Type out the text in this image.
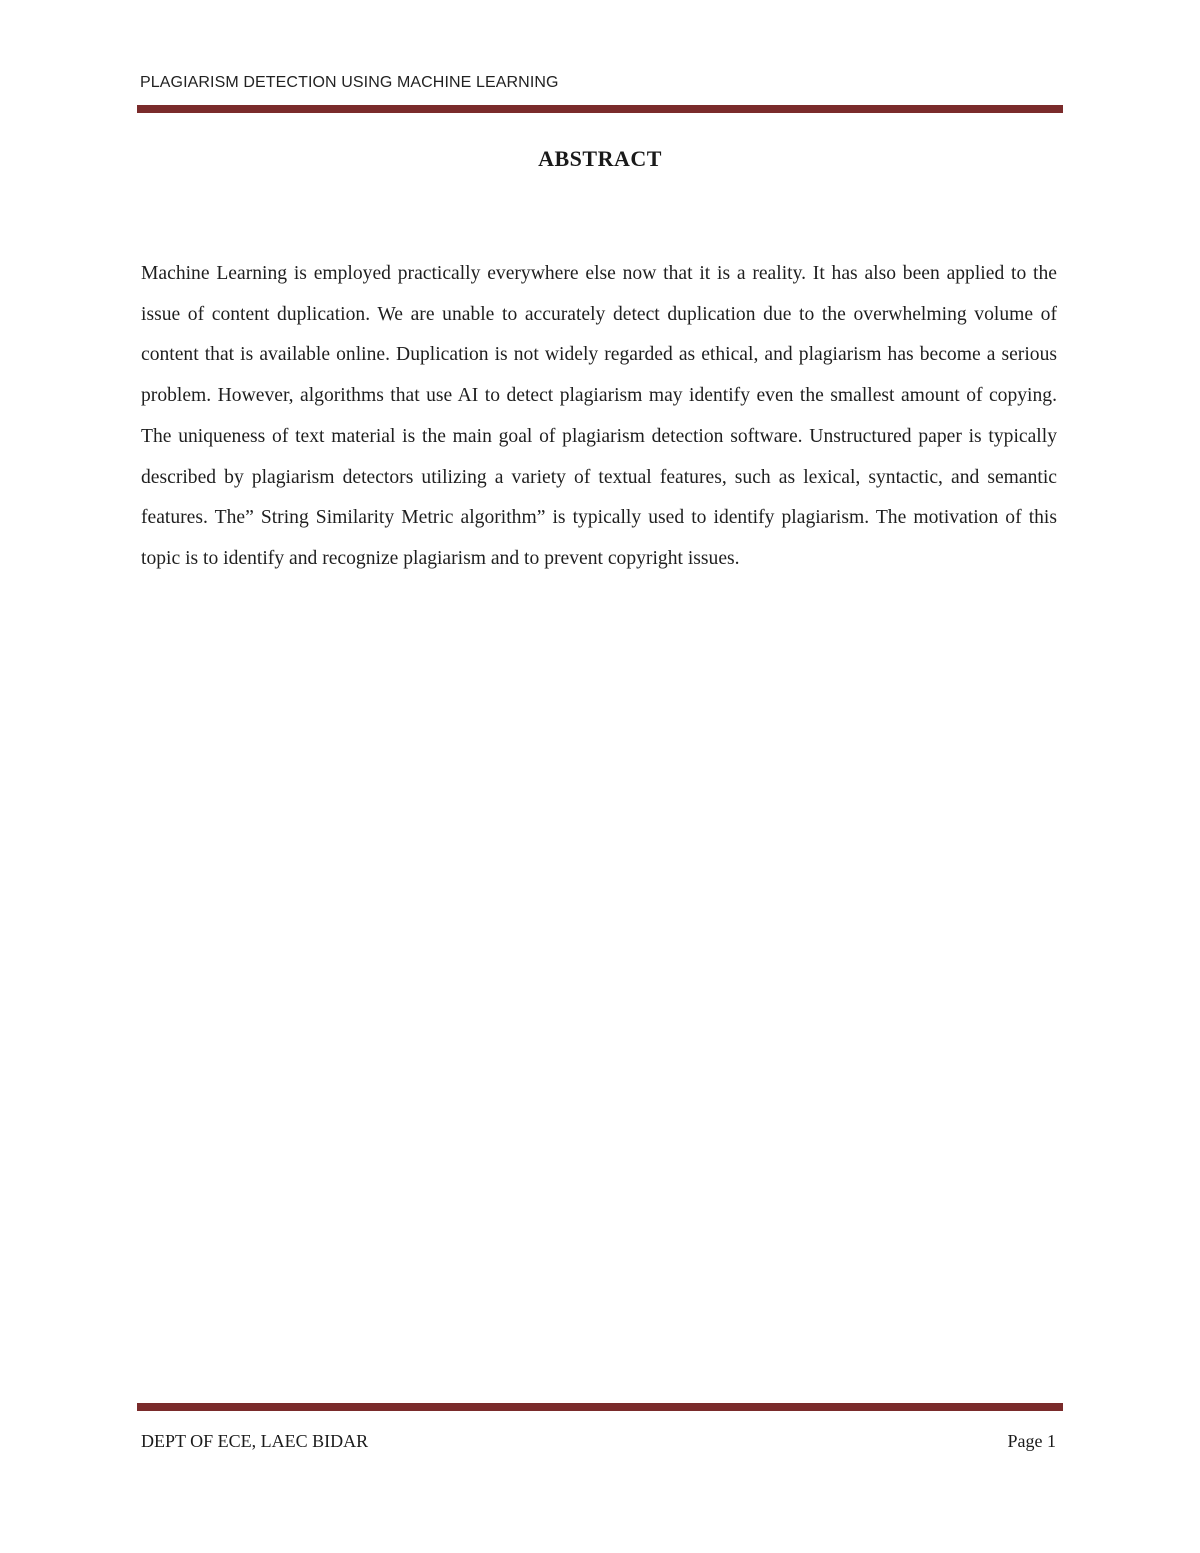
PLAGIARISM DETECTION USING MACHINE LEARNING
ABSTRACT

Machine Learning is employed practically everywhere else now that it is a reality. It has also been applied to the issue of content duplication. We are unable to accurately detect duplication due to the overwhelming volume of content that is available online. Duplication is not widely regarded as ethical, and plagiarism has become a serious problem. However, algorithms that use AI to detect plagiarism may identify even the smallest amount of copying. The uniqueness of text material is the main goal of plagiarism detection software. Unstructured paper is typically described by plagiarism detectors utilizing a variety of textual features, such as lexical, syntactic, and semantic features. The” String Similarity Metric algorithm” is typically used to identify plagiarism. The motivation of this topic is to identify and recognize plagiarism and to prevent copyright issues.

DEPT OF ECE, LAEC BIDAR	Page 1
